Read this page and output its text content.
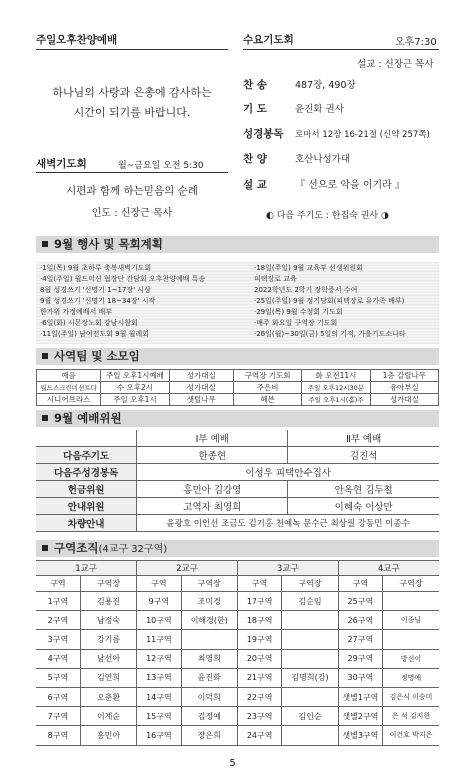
주일오후찬양예배
하나님의 사랑과 은총에 감사하는
시간이 되기를 바랍니다.
새벽기도회	월~금요일 오전 5:30
시편과 함께 하는믿음의 순례
인도 : 신장근 목사
수요기도회	오후7:30
설교 : 신장근 목사
찬 송	487장, 490장
기 도	윤진화 권사
성경봉독 로마서 12장 16-21절 (신약 257쪽)
찬 양	호산나성가대
설 교	『 선으로 악을 이기라 』
◐ 다음 주기도 : 한집숙 권사 ◑
9월 행사 및 목회계획
·1일(목) 9월 초하루 축복새벽기도회
·4일(주일) 월드미션 협장단 간담회 오후찬양예배 특송
8월 성경쓰기 '신명기 1~17장' 시상
9월 성경쓰기 '신명기 18~34장' 시작
한가위 가정예배서 배부
·6일(화) 시몬장노회 강남시찰회
·11일(주일) 남여전도회 9월 월례회
·18일(주일) 9월 교육부 선생위원회
피택장로 교육
2022학년도 2학기 장학증서 수여
·25일(주일) 9월 정기당회(피택장로 유가족 배부)
·29일(목) 9월 수청회 기도회
·매주 화요일 구역장 기도회
·26일(월)~30일(금) 5일의 기적, 가을기도소나타
사역팀 및 소모임
예음	주일 오후1시예배	성가대실	구역장 기도회	화 오전11시	1층 갈릴나무
월드스크린미션트다	수 오후2시	성가대실	주은비	주일 오후12시30분	유아부실
시니어브라스	주일 오후1시	샛털나무	헤븐	주일 오후1시(홀)주	성가대실
9월 예배위원
	Ⅰ부 예배	Ⅱ부 예배
다음주기도	한종현	김진석
다음주성경봉독	이성우 피택안수집사	
헌금위원	홍민아 김강영	안옥현 김두철
안내위원	고역자 최영희	이혜숙 이상만
차량안내	윤광호 이인선 조금도 김기홍 천예녹 문수근 최상필 강동민 이종수	
구역조직(4교구 32구역)
1교구		2교구		3교구		4교구	
구역	구역장	구역	구역장	구역	구역장	구역	구역장
1구역	김용진	9구역	조미경	17구역	김순임	25구역	
2구역	남정숙	10구역	이해경(한)	18구역		26구역	이종님
3구역	강기름	11구역		19구역		27구역	
4구역	남선아	12구역	최영희	20구역		29구역	방선이
5구역	김연희	13구역	윤진화	21구역	김명희(강)	30구역	정명애
6구역	오춘환	14구역	이덕희	22구역		샛별1구역	김은식 이승미
7구역	이계순	15구역	김정예	23구역	김인순	샛별2구역	은 석 김지현
8구역	홍민아	16구역	장은희	24구역		샛별3구역	이건호 박지은
5
